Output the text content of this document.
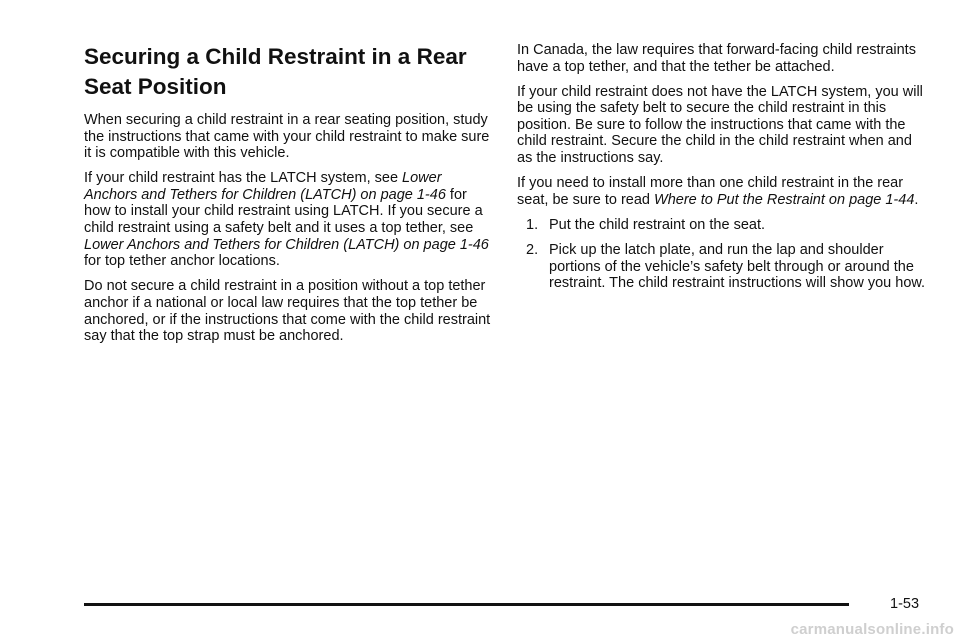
Securing a Child Restraint in a Rear
Seat Position

When securing a child restraint in a rear seating position, study the instructions that came with your child restraint to make sure it is compatible with this vehicle.

If your child restraint has the LATCH system, see Lower Anchors and Tethers for Children (LATCH) on page 1-46 for how to install your child restraint using LATCH. If you secure a child restraint using a safety belt and it uses a top tether, see Lower Anchors and Tethers for Children (LATCH) on page 1-46 for top tether anchor locations.

Do not secure a child restraint in a position without a top tether anchor if a national or local law requires that the top tether be anchored, or if the instructions that come with the child restraint say that the top strap must be anchored.

In Canada, the law requires that forward-facing child restraints have a top tether, and that the tether be attached.

If your child restraint does not have the LATCH system, you will be using the safety belt to secure the child restraint in this position. Be sure to follow the instructions that came with the child restraint. Secure the child in the child restraint when and as the instructions say.

If you need to install more than one child restraint in the rear seat, be sure to read Where to Put the Restraint on page 1-44.

1. Put the child restraint on the seat.
2. Pick up the latch plate, and run the lap and shoulder portions of the vehicle’s safety belt through or around the restraint. The child restraint instructions will show you how.
1-53
carmanualsonline.info
